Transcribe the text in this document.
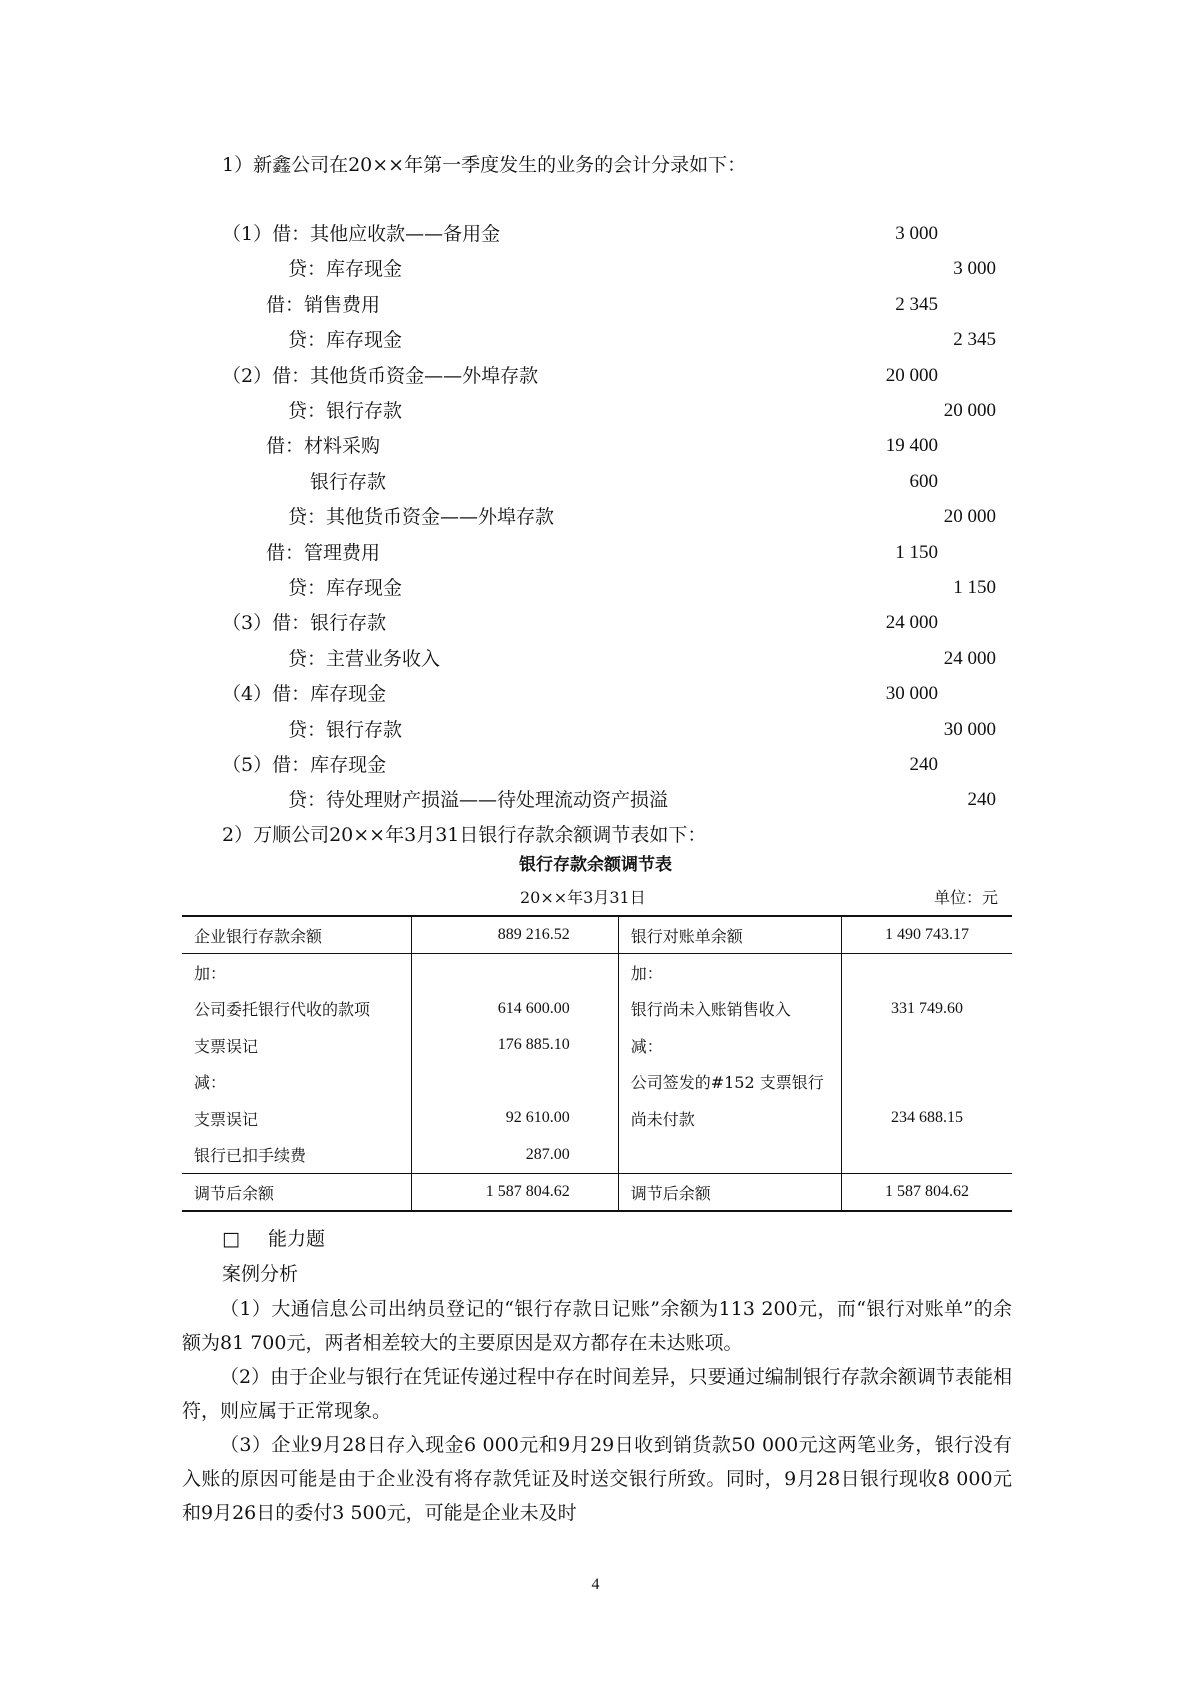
1）新鑫公司在20××年第一季度发生的业务的会计分录如下：
（1）借：其他应收款——备用金	3 000
贷：库存现金	3 000
借：销售费用	2 345
贷：库存现金	2 345
（2）借：其他货币资金——外埠存款	20 000
贷：银行存款	20 000
借：材料采购	19 400
银行存款	600
贷：其他货币资金——外埠存款	20 000
借：管理费用	1 150
贷：库存现金	1 150
（3）借：银行存款	24 000
贷：主营业务收入	24 000
（4）借：库存现金	30 000
贷：银行存款	30 000
（5）借：库存现金	240
贷：待处理财产损溢——待处理流动资产损溢	240
2）万顺公司20××年3月31日银行存款余额调节表如下：
银行存款余额调节表
20××年3月31日	单位：元
企业银行存款余额	889 216.52	银行对账单余额	1 490 743.17
加：		加：	
公司委托银行代收的款项	614 600.00	银行尚未入账销售收入	331 749.60
支票误记	176 885.10	减：	
减：		公司签发的#152 支票银行	
支票误记	92 610.00	尚未付款	234 688.15
银行已扣手续费	287.00		
调节后余额	1 587 804.62	调节后余额	1 587 804.62
□ 能力题
案例分析

（1）大通信息公司出纳员登记的“银行存款日记账”余额为113 200元，而“银行对账单”的余额为81 700元，两者相差较大的主要原因是双方都存在未达账项。

（2）由于企业与银行在凭证传递过程中存在时间差异，只要通过编制银行存款余额调节表能相符，则应属于正常现象。

（3）企业9月28日存入现金6 000元和9月29日收到销货款50 000元这两笔业务，银行没有入账的原因可能是由于企业没有将存款凭证及时送交银行所致。同时，9月28日银行现收8 000元和9月26日的委付3 500元，可能是企业未及时

4
